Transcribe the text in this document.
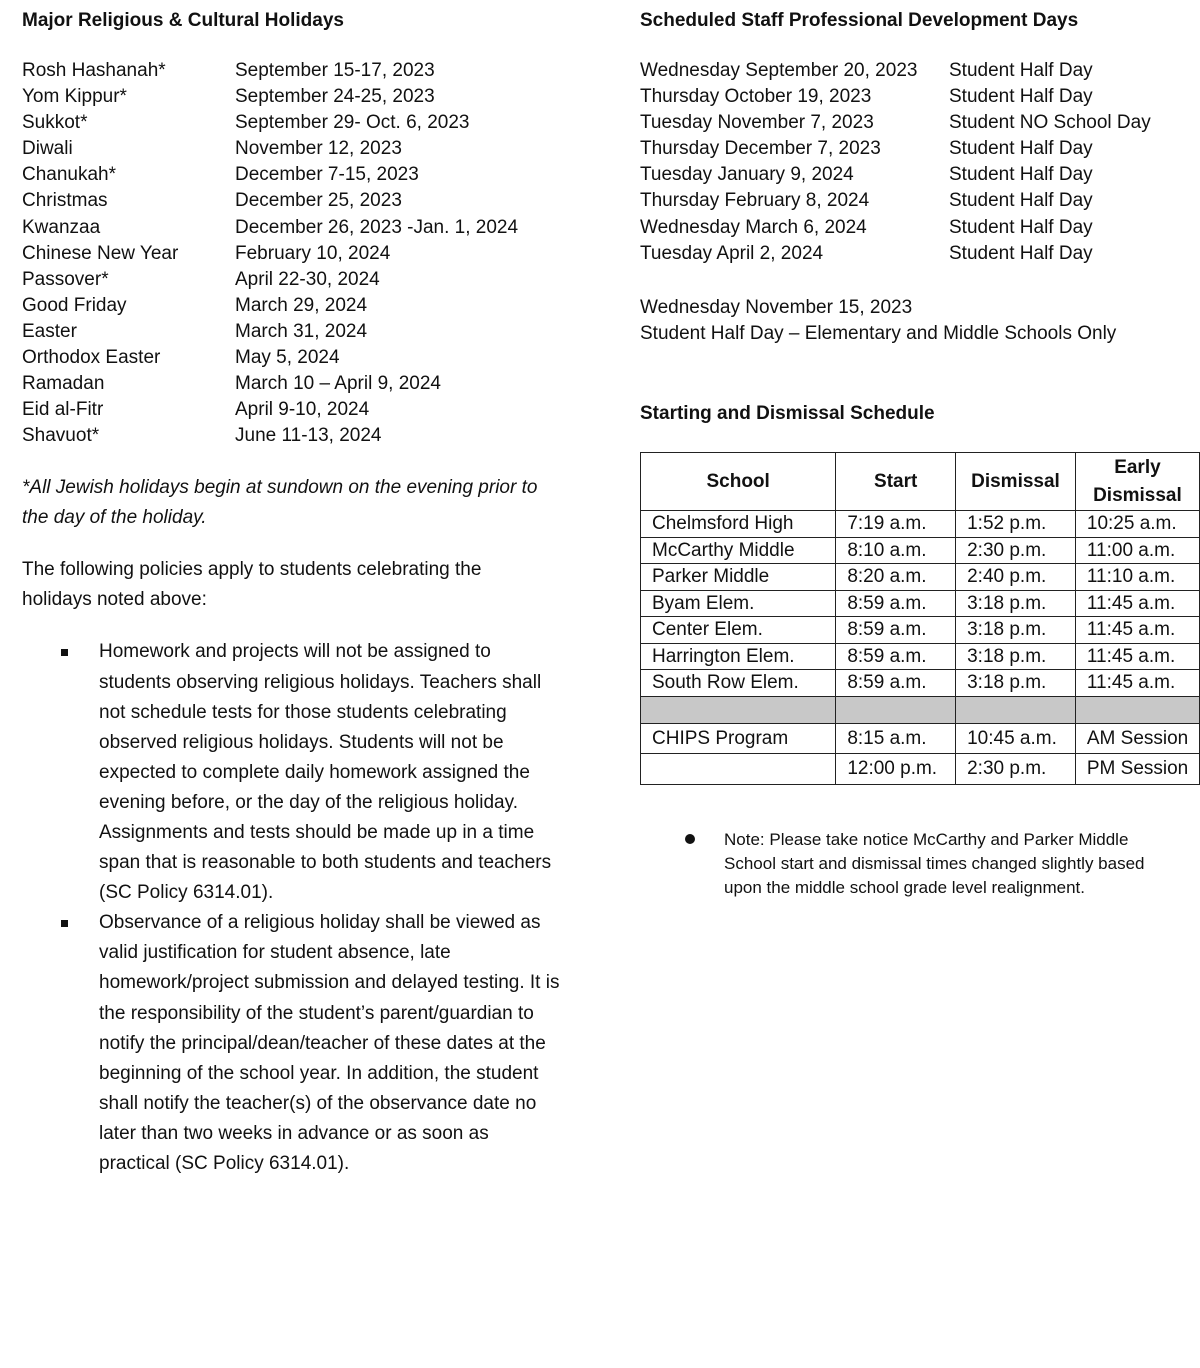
Major Religious & Cultural Holidays
Rosh Hashanah*	September 15-17, 2023
Yom Kippur*	September 24-25, 2023
Sukkot*	September 29- Oct. 6, 2023
Diwali	November 12, 2023
Chanukah*	December 7-15, 2023
Christmas	December 25, 2023
Kwanzaa	December 26, 2023 -Jan. 1, 2024
Chinese New Year	February 10, 2024
Passover*	April 22-30, 2024
Good Friday	March 29, 2024
Easter	March 31, 2024
Orthodox Easter	May 5, 2024
Ramadan	March 10 – April 9, 2024
Eid al-Fitr	April 9-10, 2024
Shavuot*	June 11-13, 2024
*All Jewish holidays begin at sundown on the evening prior to the day of the holiday.
The following policies apply to students celebrating the holidays noted above:
Homework and projects will not be assigned to students observing religious holidays. Teachers shall not schedule tests for those students celebrating observed religious holidays. Students will not be expected to complete daily homework assigned the evening before, or the day of the religious holiday. Assignments and tests should be made up in a time span that is reasonable to both students and teachers (SC Policy 6314.01).
Observance of a religious holiday shall be viewed as valid justification for student absence, late homework/project submission and delayed testing. It is the responsibility of the student’s parent/guardian to notify the principal/dean/teacher of these dates at the beginning of the school year. In addition, the student shall notify the teacher(s) of the observance date no later than two weeks in advance or as soon as practical (SC Policy 6314.01).
Scheduled Staff Professional Development Days
Wednesday September 20, 2023	Student Half Day
Thursday October 19, 2023	Student Half Day
Tuesday November 7, 2023	Student NO School Day
Thursday December 7, 2023	Student Half Day
Tuesday January 9, 2024	Student Half Day
Thursday February 8, 2024	Student Half Day
Wednesday March 6, 2024	Student Half Day
Tuesday April 2, 2024	Student Half Day
Wednesday November 15, 2023
Student Half Day – Elementary and Middle Schools Only
Starting and Dismissal Schedule
School	Start	Dismissal	Early Dismissal
Chelmsford High	7:19 a.m.	1:52 p.m.	10:25 a.m.
McCarthy Middle	8:10 a.m.	2:30 p.m.	11:00 a.m.
Parker Middle	8:20 a.m.	2:40 p.m.	11:10 a.m.
Byam Elem.	8:59 a.m.	3:18 p.m.	11:45 a.m.
Center Elem.	8:59 a.m.	3:18 p.m.	11:45 a.m.
Harrington Elem.	8:59 a.m.	3:18 p.m.	11:45 a.m.
South Row Elem.	8:59 a.m.	3:18 p.m.	11:45 a.m.

CHIPS Program	8:15 a.m.	10:45 a.m.	AM Session
	12:00 p.m.	2:30 p.m.	PM Session
Note: Please take notice McCarthy and Parker Middle School start and dismissal times changed slightly based upon the middle school grade level realignment.
